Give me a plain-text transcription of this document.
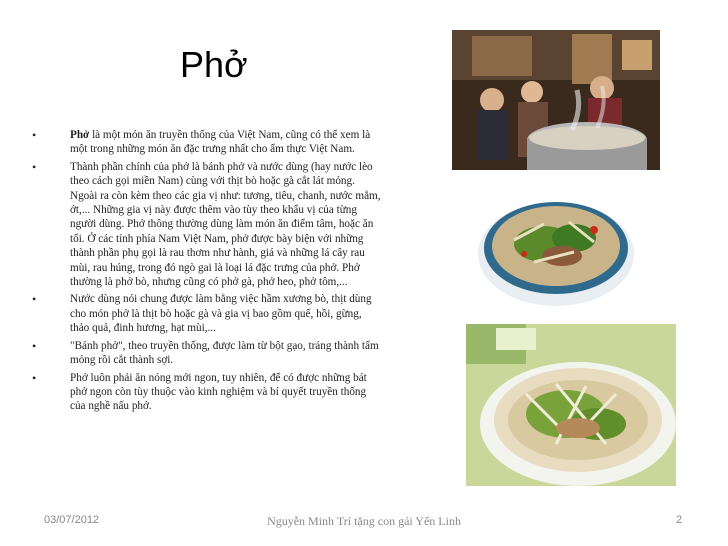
Phở
• Phở là một món ăn truyền thống của Việt Nam, cũng có thể xem là một trong những món ăn đặc trưng nhất cho ẩm thực Việt Nam.
• Thành phần chính của phở là bánh phở và nước dùng (hay nước lèo theo cách gọi miền Nam) cùng với thịt bò hoặc gà cắt lát mỏng. Ngoài ra còn kèm theo các gia vị như: tương, tiêu, chanh, nước mắm, ớt,... Những gia vị này được thêm vào tùy theo khẩu vị của từng người dùng. Phở thông thường dùng làm món ăn điểm tâm, hoặc ăn tối. Ở các tỉnh phía Nam Việt Nam, phở được bày biện với những thành phần phụ gọi là rau thơm như hành, giá và những lá cây rau mùi, rau húng, trong đó ngò gai là loại lá đặc trưng của phở. Phở thường là phở bò, nhưng cũng có phở gà, phở heo, phở tôm,...
• Nước dùng nói chung được làm bằng việc hầm xương bò, thịt dùng cho món phở là thịt bò hoặc gà và gia vị bao gồm quế, hồi, gừng, thảo quả, đinh hương, hạt mùi,...
• "Bánh phở", theo truyền thống, được làm từ bột gạo, tráng thành tấm mỏng rồi cắt thành sợi.
• Phở luôn phải ăn nóng mới ngon, tuy nhiên, để có được những bát phở ngon còn tùy thuộc vào kinh nghiệm và bí quyết truyền thống của nghề nấu phở.
03/07/2012	Nguyễn Minh Trí tặng con gái Yến Linh	2
